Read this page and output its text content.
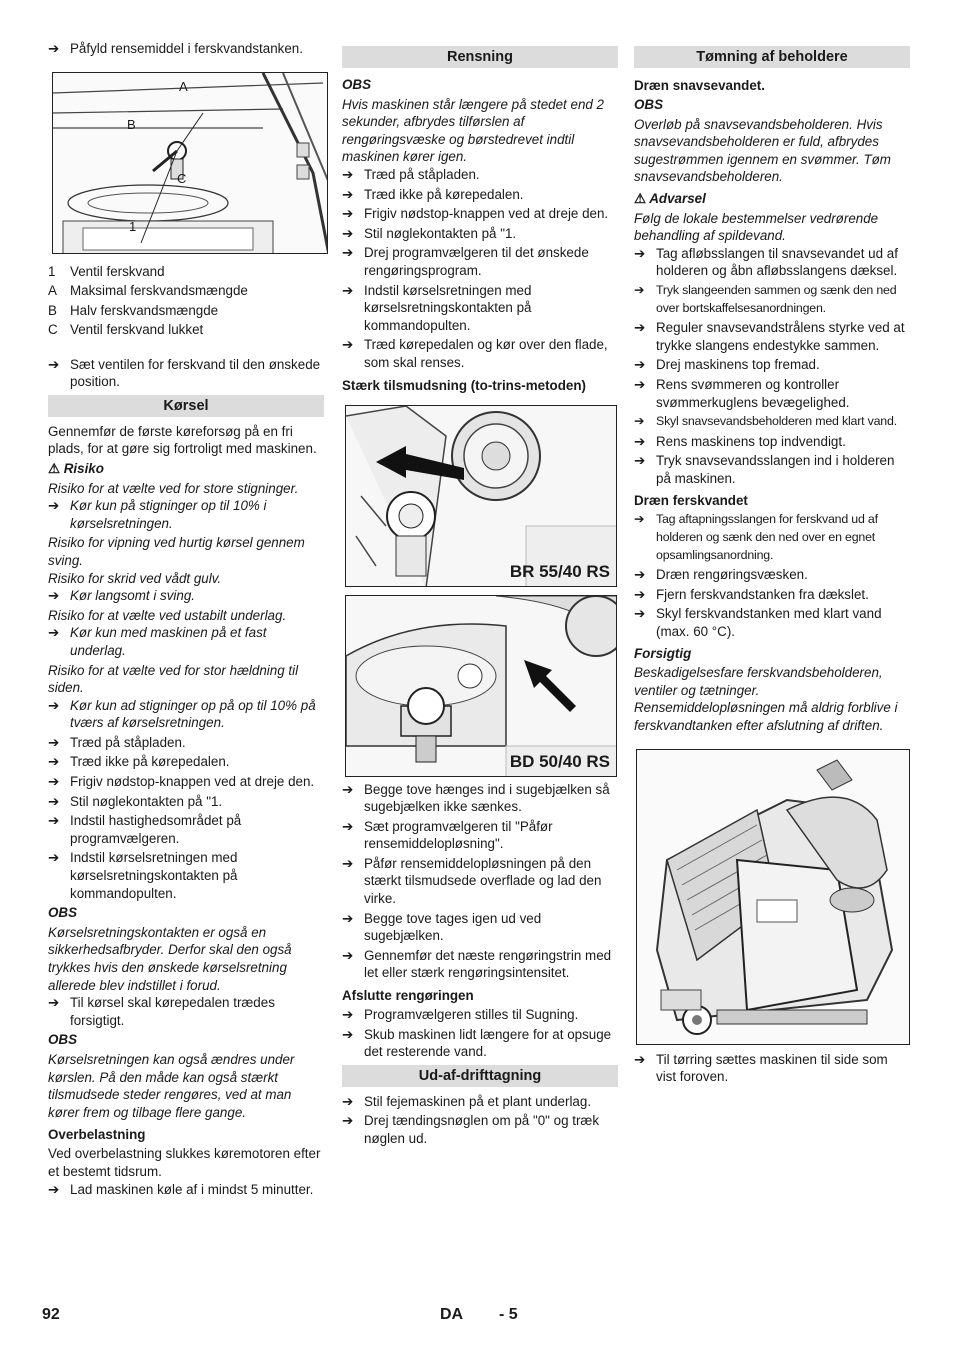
➔ Påfyld rensemiddel i ferskvandstanken.
A
B
C
1
1	Ventil ferskvand
A Maksimal ferskvandsmængde
B Halv ferskvandsmængde
C Ventil ferskvand lukket
➔ Sæt ventilen for ferskvand til den ønskede position.
Kørsel
Gennemfør de første køreforsøg på en fri plads, for at gøre sig fortroligt med maskinen.
⚠ Risiko
Risiko for at vælte ved for store stigninger.
➔ Kør kun på stigninger op til 10% i kørselsretningen.
Risiko for vipning ved hurtig kørsel gennem sving.
Risiko for skrid ved vådt gulv.
➔ Kør langsomt i sving.
Risiko for at vælte ved ustabilt underlag.
➔ Kør kun med maskinen på et fast underlag.
Risiko for at vælte ved for stor hældning til siden.
➔ Kør kun ad stigninger op på op til 10% på tværs af kørselsretningen.
➔ Træd på ståpladen.
➔ Træd ikke på kørepedalen.
➔ Frigiv nødstop-knappen ved at dreje den.
➔ Stil nøglekontakten på "1.
➔ Indstil hastighedsområdet på programvælgeren.
➔ Indstil kørselsretningen med kørselsretningskontakten på kommandopulten.
OBS
Kørselsretningskontakten er også en sikkerhedsafbryder. Derfor skal den også trykkes hvis den ønskede kørselsretning allerede blev indstillet i forud.
➔ Til kørsel skal kørepedalen trædes forsigtigt.
OBS
Kørselsretningen kan også ændres under kørslen. På den måde kan også stærkt tilsmudsede steder rengøres, ved at man kører frem og tilbage flere gange.
Overbelastning
Ved overbelastning slukkes køremotoren efter et bestemt tidsrum.
➔ Lad maskinen køle af i mindst 5 minutter.
Rensning
OBS
Hvis maskinen står længere på stedet end 2 sekunder, afbrydes tilførslen af rengøringsvæske og børstedrevet indtil maskinen kører igen.
➔ Træd på ståpladen.
➔ Træd ikke på kørepedalen.
➔ Frigiv nødstop-knappen ved at dreje den.
➔ Stil nøglekontakten på "1.
➔ Drej programvælgeren til det ønskede rengøringsprogram.
➔ Indstil kørselsretningen med kørselsretningskontakten på kommandopulten.
➔ Træd kørepedalen og kør over den flade, som skal renses.
Stærk tilsmudsning (to-trins-metoden)
BR 55/40 RS
BD 50/40 RS
➔ Begge tove hænges ind i sugebjælken så sugebjælken ikke sænkes.
➔ Sæt programvælgeren til "Påfør rensemiddelopløsning".
➔ Påfør rensemiddelopløsningen på den stærkt tilsmudsede overflade og lad den virke.
➔ Begge tove tages igen ud ved sugebjælken.
➔ Gennemfør det næste rengøringstrin med let eller stærk rengøringsintensitet.
Afslutte rengøringen
➔ Programvælgeren stilles til Sugning.
➔ Skub maskinen lidt længere for at opsuge det resterende vand.
Ud-af-drifttagning
➔ Stil fejemaskinen på et plant underlag.
➔ Drej tændingsnøglen om på "0" og træk nøglen ud.
Tømning af beholdere
Dræn snavsevandet.
OBS
Overløb på snavsevandsbeholderen. Hvis snavsevandsbeholderen er fuld, afbrydes sugestrømmen igennem en svømmer. Tøm snavsevandsbeholderen.
⚠ Advarsel
Følg de lokale bestemmelser vedrørende behandling af spildevand.
➔ Tag afløbsslangen til snavsevandet ud af holderen og åbn afløbsslangens dæksel.
➔ Tryk slangeenden sammen og sænk den ned over bortskaffelsesanordningen.
➔ Reguler snavsevandstrålens styrke ved at trykke slangens endestykke sammen.
➔ Drej maskinens top fremad.
➔ Rens svømmeren og kontroller svømmerkuglens bevægelighed.
➔ Skyl snavsevandsbeholderen med klart vand.
➔ Rens maskinens top indvendigt.
➔ Tryk snavsevandsslangen ind i holderen på maskinen.
Dræn ferskvandet
➔ Tag aftapningsslangen for ferskvand ud af holderen og sænk den ned over en egnet opsamlingsanordning.
➔ Dræn rengøringsvæsken.
➔ Fjern ferskvandstanken fra dækslet.
➔ Skyl ferskvandstanken med klart vand (max. 60 °C).
Forsigtig
Beskadigelsesfare ferskvandsbeholderen, ventiler og tætninger. Rensemiddelopløsningen må aldrig forblive i ferskvandtanken efter afslutning af driften.
➔ Til tørring sættes maskinen til side som vist foroven.
92	DA - 5
